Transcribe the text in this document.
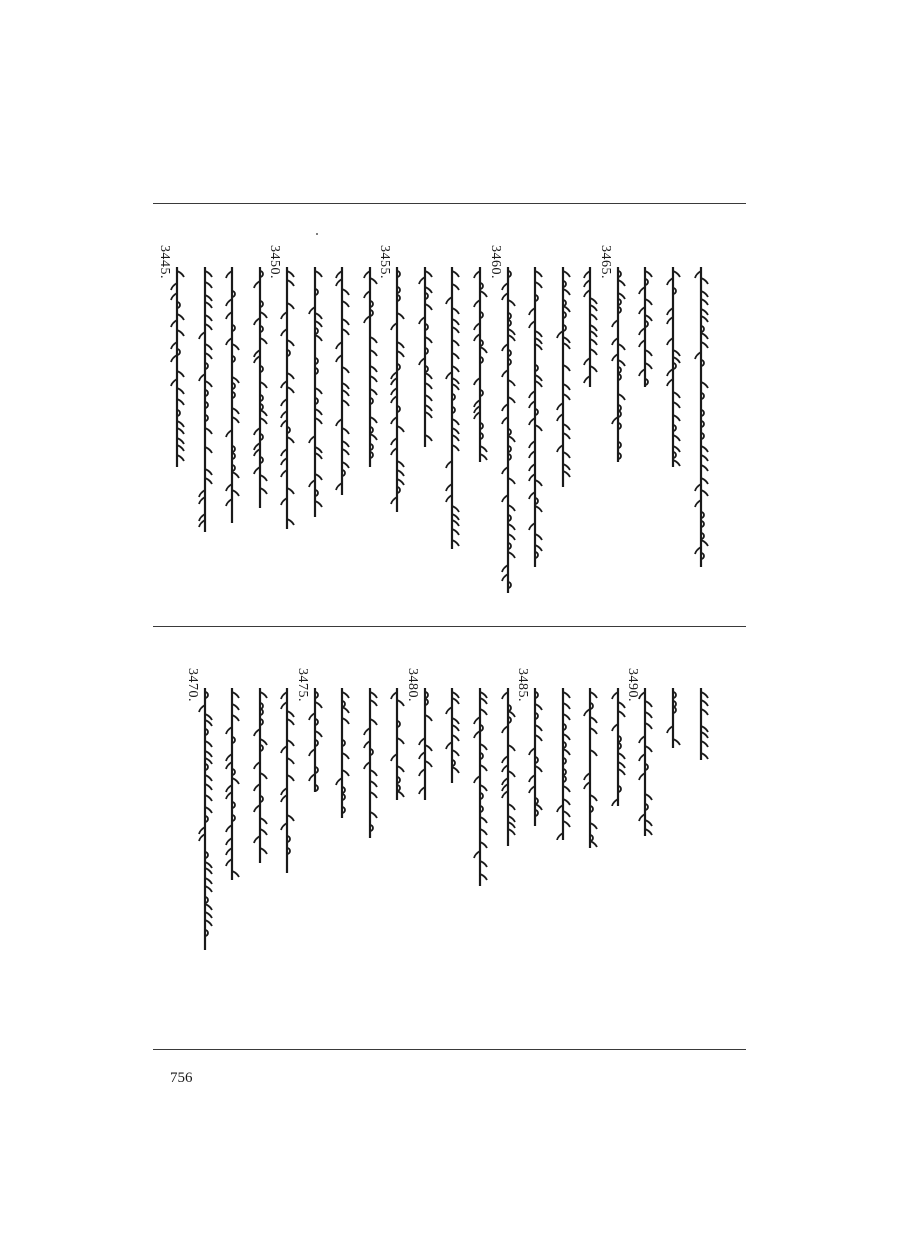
3445.	3450.	3455.	3460.	3465.
3470.	3475.	3480.	3485.	3490.
756
